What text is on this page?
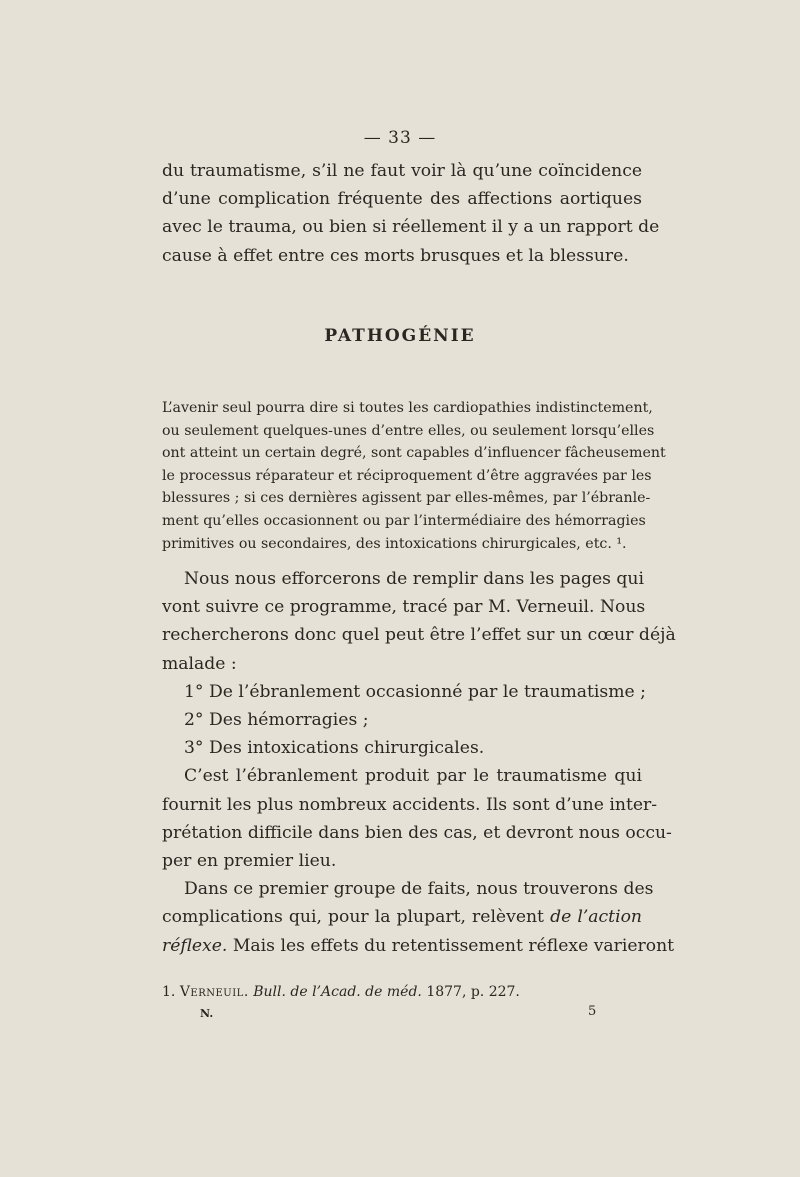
— 33 —
du traumatisme, s’il ne faut voir là qu’une coïncidence
d’une complication fréquente des affections aortiques
avec le trauma, ou bien si réellement il y a un rapport de
cause à effet entre ces morts brusques et la blessure.
PATHOGÉNIE
L’avenir seul pourra dire si toutes les cardiopathies indistinctement,
ou seulement quelques-unes d’entre elles, ou seulement lorsqu’elles
ont atteint un certain degré, sont capables d’influencer fâcheusement
le processus réparateur et réciproquement d’être aggravées par les
blessures ; si ces dernières agissent par elles-mêmes, par l’ébranle-
ment qu’elles occasionnent ou par l’intermédiaire des hémorragies
primitives ou secondaires, des intoxications chirurgicales, etc. ¹.
Nous nous efforcerons de remplir dans les pages qui
vont suivre ce programme, tracé par M. Verneuil. Nous
rechercherons donc quel peut être l’effet sur un cœur déjà
malade :
1° De l’ébranlement occasionné par le traumatisme ;
2° Des hémorragies ;
3° Des intoxications chirurgicales.
C’est l’ébranlement produit par le traumatisme qui
fournit les plus nombreux accidents. Ils sont d’une inter-
prétation difficile dans bien des cas, et devront nous occu-
per en premier lieu.
Dans ce premier groupe de faits, nous trouverons des
complications qui, pour la plupart, relèvent de l’action
réflexe. Mais les effets du retentissement réflexe varieront
1. Verneuil. Bull. de l’Acad. de méd. 1877, p. 227.
N.	5
